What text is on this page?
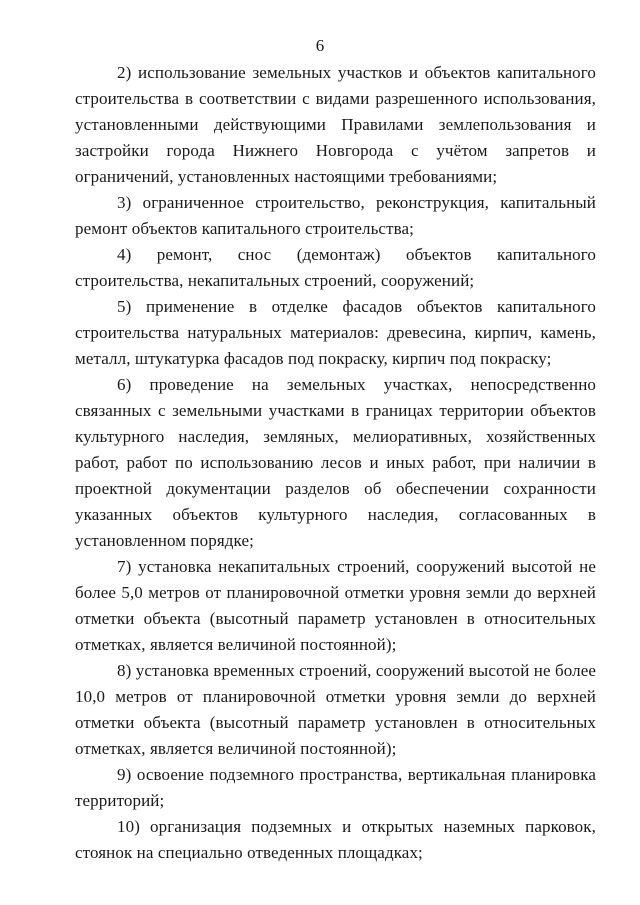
6

2) использование земельных участков и объектов капитального строительства в соответствии с видами разрешенного использования, установленными действующими Правилами землепользования и застройки города Нижнего Новгорода с учётом запретов и ограничений, установленных настоящими требованиями;

3) ограниченное строительство, реконструкция, капитальный ремонт объектов капитального строительства;

4) ремонт, снос (демонтаж) объектов капитального строительства, некапитальных строений, сооружений;

5) применение в отделке фасадов объектов капитального строительства натуральных материалов: древесина, кирпич, камень, металл, штукатурка фасадов под покраску, кирпич под покраску;

6) проведение на земельных участках, непосредственно связанных с земельными участками в границах территории объектов культурного наследия, земляных, мелиоративных, хозяйственных работ, работ по использованию лесов и иных работ, при наличии в проектной документации разделов об обеспечении сохранности указанных объектов культурного наследия, согласованных в установленном порядке;

7) установка некапитальных строений, сооружений высотой не более 5,0 метров от планировочной отметки уровня земли до верхней отметки объекта (высотный параметр установлен в относительных отметках, является величиной постоянной);

8) установка временных строений, сооружений высотой не более 10,0 метров от планировочной отметки уровня земли до верхней отметки объекта (высотный параметр установлен в относительных отметках, является величиной постоянной);

9) освоение подземного пространства, вертикальная планировка территорий;

10) организация подземных и открытых наземных парковок, стоянок на специально отведенных площадках;
